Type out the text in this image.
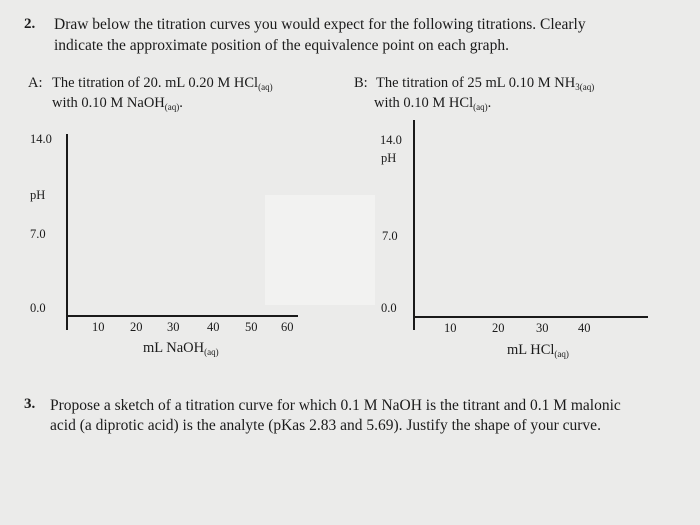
2. Draw below the titration curves you would expect for the following titrations. Clearly
indicate the approximate position of the equivalence point on each graph.
A: The titration of 20. mL 0.20 M HCl$_{(aq)}$
with 0.10 M NaOH$_{(aq)}$.
B: The titration of 25 mL 0.10 M $NH_{3(aq)}$
with 0.10 M HCl$_{(aq)}$.
14.0
pH
7.0
0.0
10 20 30 40 50 60
mL NaOH$_{(aq)}$
14.0
pH
7.0
0.0
10	20	30 40
mL HCl$_{(aq)}$
3. Propose a sketch of a titration curve for which 0.1 M NaOH is the titrant and 0.1 M malonic
acid (a diprotic acid) is the analyte (pKas 2.83 and 5.69). Justify the shape of your curve.
